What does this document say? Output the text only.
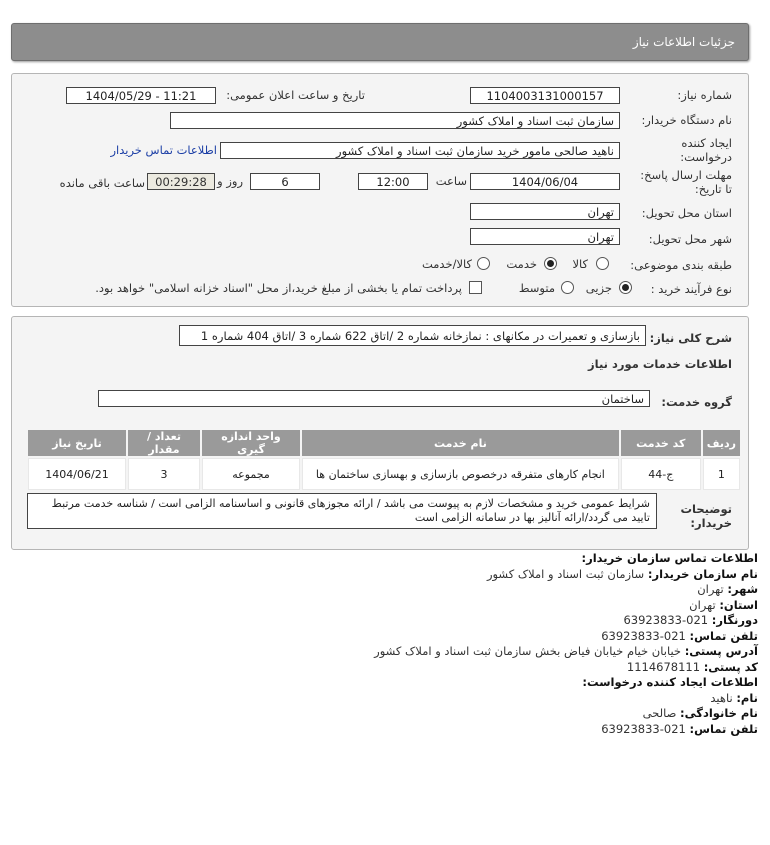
جزئیات اطلاعات نیاز
شماره نیاز:
1104003131000157
تاریخ و ساعت اعلان عمومی:
1404/05/29 - 11:21
نام دستگاه خریدار:
سازمان ثبت اسناد و املاک کشور
ایجاد کننده
درخواست:
ناهید صالحی مامور خرید سازمان ثبت اسناد و املاک کشور
اطلاعات تماس خریدار
مهلت ارسال پاسخ:
تا تاریخ:
1404/06/04
ساعت
12:00
6
روز و
00:29:28
ساعت باقی مانده
استان محل تحویل:
تهران
شهر محل تحویل:
تهران
طبقه بندی موضوعی:
کالا
خدمت
کالا/خدمت
نوع فرآیند خرید :
جزیی
متوسط
پرداخت تمام یا بخشی از مبلغ خرید،از محل "اسناد خزانه اسلامی" خواهد بود.
شرح کلی نیاز:
بازسازی و تعمیرات در مکانهای : نمازخانه شماره 2 /اتاق 622 شماره 3 /اتاق 404 شماره 1
اطلاعات خدمات مورد نیاز
گروه خدمت:
ساختمان
ردیف	کد خدمت	نام خدمت	واحد اندازه گیری	تعداد / مقدار	تاریخ نیاز
1	ج-44	انجام کارهای متفرقه درخصوص بازسازی و بهسازی ساختمان ها	مجموعه	3	1404/06/21
توضیحات
خریدار:
شرایط عمومی خرید و مشخصات لازم به پیوست می باشد / ارائه مجوزهای قانونی و اساسنامه الزامی است / شناسه خدمت مرتبط تایید می گردد/ارائه آنالیز بها در سامانه الزامی است
اطلاعات تماس سازمان خریدار:
نام سازمان خریدار: سازمان ثبت اسناد و املاک کشور
شهر: تهران
استان: تهران
دورنگار: 021-63923833
تلفن تماس: 021-63923833
آدرس پستی: خیابان خیام خیابان فیاض بخش سازمان ثبت اسناد و املاک کشور
کد پستی: 1114678111
اطلاعات ایجاد کننده درخواست:
نام: ناهید
نام خانوادگی: صالحی
تلفن تماس: 021-63923833
